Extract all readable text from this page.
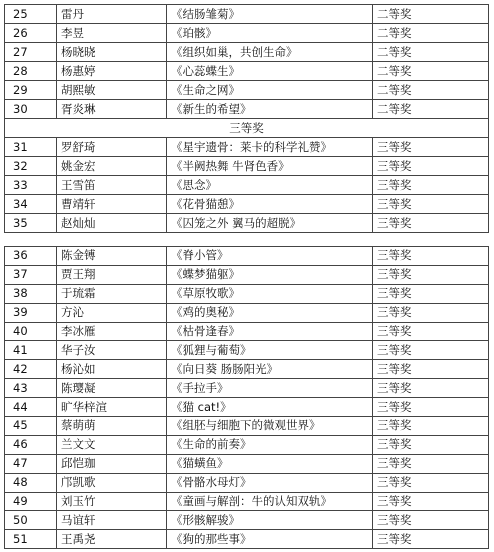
25	雷丹	《结肠雏菊》	二等奖
26	李昱	《珀骸》	二等奖
27	杨晓晓	《组织如巢，共创生命》	二等奖
28	杨惠婷	《心蕊蝶生》	二等奖
29	胡熙敏	《生命之网》	二等奖
30	胥炎琳	《新生的希望》	二等奖
三等奖			
31	罗舒琦	《星宇遗骨：莱卡的科学礼赞》	三等奖
32	姚金宏	《半阙热舞 牛肾色香》	三等奖
33	王雪笛	《思念》	三等奖
34	曹靖轩	《花骨猫憩》	三等奖
35	赵灿灿	《囚笼之外 翼马的超脱》	三等奖
36	陈金镈	《脊小管》	三等奖
37	贾王翔	《蝶梦猫躯》	三等奖
38	于琉霜	《草原牧歌》	三等奖
39	方沁	《鸡的奥秘》	三等奖
40	李冰雁	《枯骨逢春》	三等奖
41	华子汝	《狐狸与葡萄》	三等奖
42	杨沁如	《向日葵 肠肠阳光》	三等奖
43	陈璎凝	《手拉手》	三等奖
44	旷华梓渲	《猫 cat!》	三等奖
45	蔡萌萌	《组胚与细胞下的微观世界》	三等奖
46	兰文文	《生命的前奏》	三等奖
47	邱恺珈	《猫蟥鱼》	三等奖
48	邝凯歌	《骨骼水母灯》	三等奖
49	刘玉竹	《童画与解剖：牛的认知双轨》	三等奖
50	马谊轩	《形骸解骏》	三等奖
51	王禹尧	《狗的那些事》	三等奖
